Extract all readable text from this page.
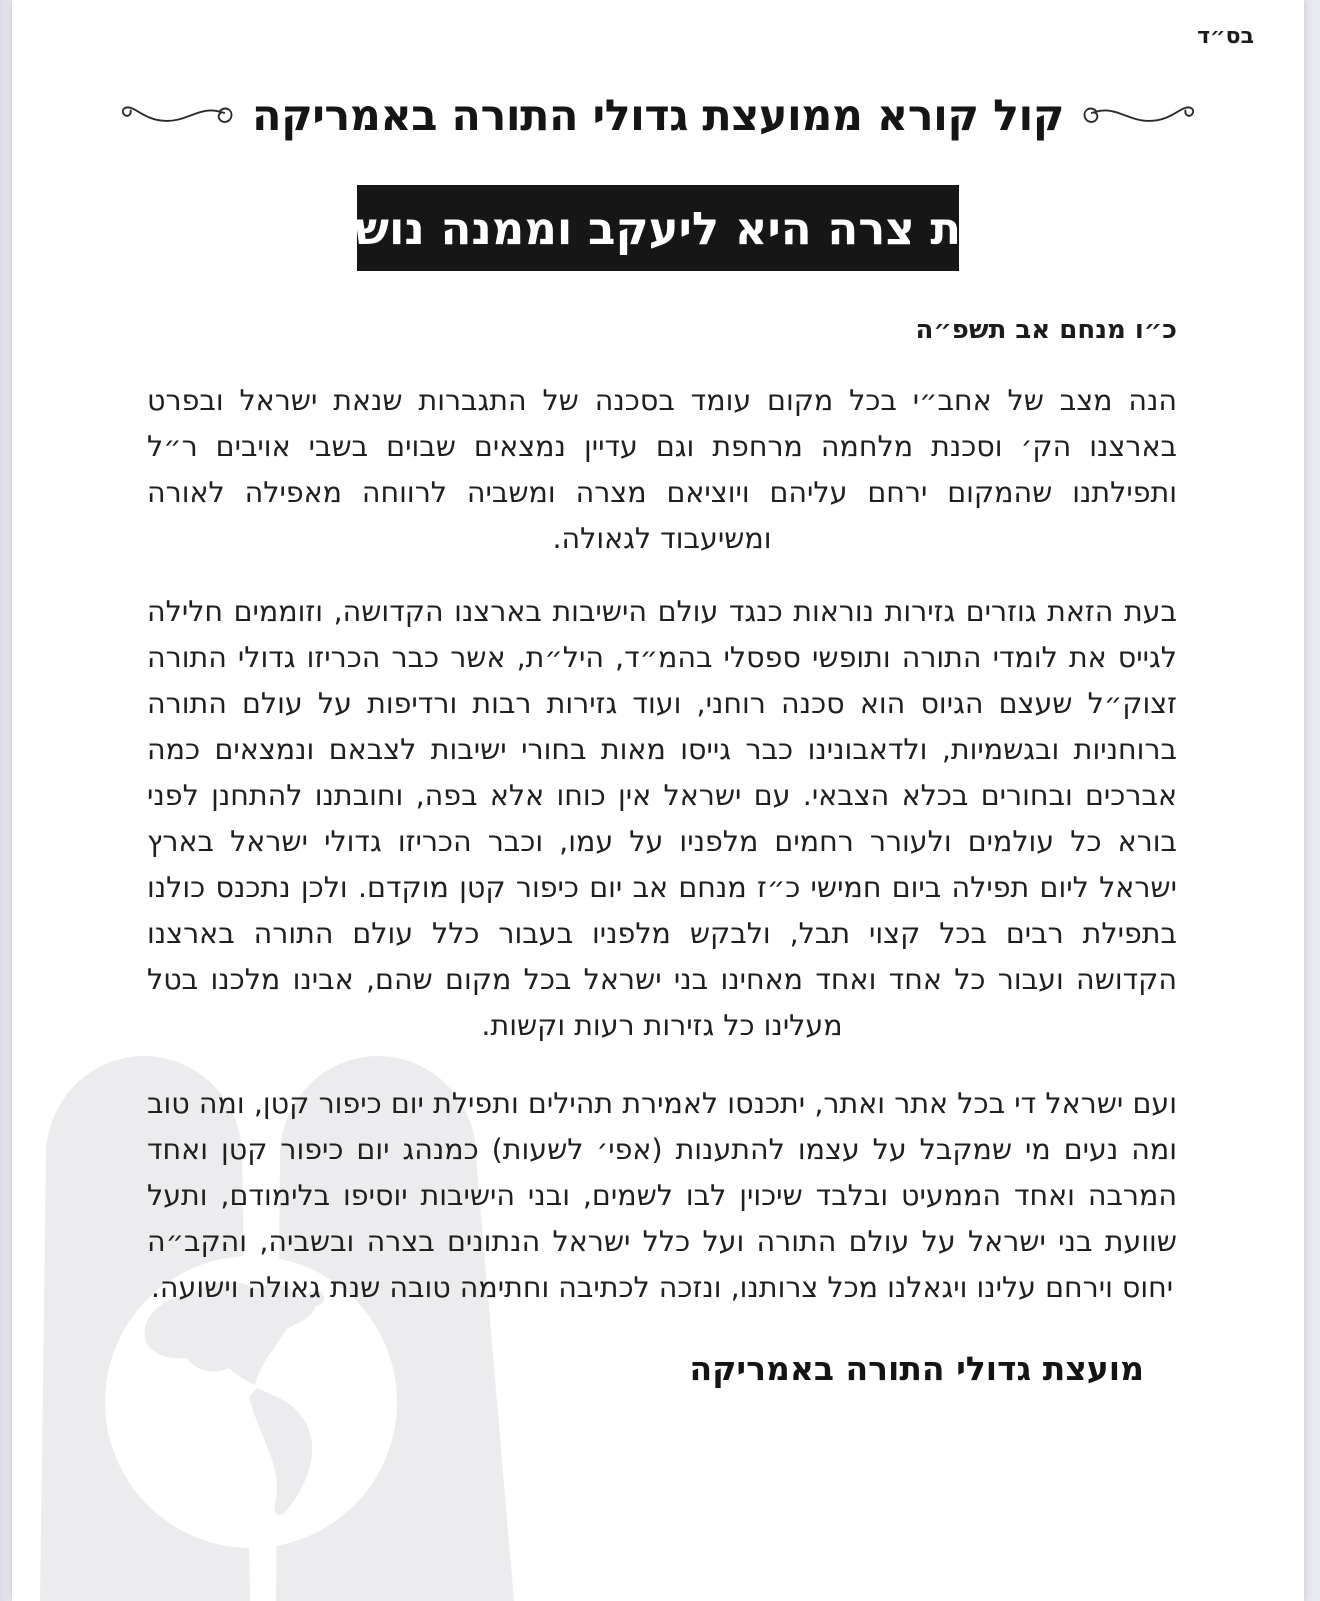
בס״ד
קול קורא ממועצת גדולי התורה באמריקה
עת צרה היא ליעקב וממנה נושע
כ״ו מנחם אב תשפ״ה

הנה מצב של אחב״י בכל מקום עומד בסכנה של התגברות שנאת ישראל ובפרט בארצנו הק׳ וסכנת מלחמה מרחפת וגם עדיין נמצאים שבוים בשבי אויבים ר״ל ותפילתנו שהמקום ירחם עליהם ויוציאם מצרה ומשביה לרווחה מאפילה לאורה ומשיעבוד לגאולה.

בעת הזאת גוזרים גזירות נוראות כנגד עולם הישיבות בארצנו הקדושה, וזוממים חלילה לגייס את לומדי התורה ותופשי ספסלי בהמ״ד, היל״ת, אשר כבר הכריזו גדולי התורה זצוק״ל שעצם הגיוס הוא סכנה רוחני, ועוד גזירות רבות ורדיפות על עולם התורה ברוחניות ובגשמיות, ולדאבונינו כבר גייסו מאות בחורי ישיבות לצבאם ונמצאים כמה אברכים ובחורים בכלא הצבאי. עם ישראל אין כוחו אלא בפה, וחובתנו להתחנן לפני בורא כל עולמים ולעורר רחמים מלפניו על עמו, וכבר הכריזו גדולי ישראל בארץ ישראל ליום תפילה ביום חמישי כ״ז מנחם אב יום כיפור קטן מוקדם. ולכן נתכנס כולנו בתפילת רבים בכל קצוי תבל, ולבקש מלפניו בעבור כלל עולם התורה בארצנו הקדושה ועבור כל אחד ואחד מאחינו בני ישראל בכל מקום שהם, אבינו מלכנו בטל מעלינו כל גזירות רעות וקשות.

ועם ישראל די בכל אתר ואתר, יתכנסו לאמירת תהילים ותפילת יום כיפור קטן, ומה טוב ומה נעים מי שמקבל על עצמו להתענות (אפי׳ לשעות) כמנהג יום כיפור קטן ואחד המרבה ואחד הממעיט ובלבד שיכוין לבו לשמים, ובני הישיבות יוסיפו בלימודם, ותעל שוועת בני ישראל על עולם התורה ועל כלל ישראל הנתונים בצרה ובשביה, והקב״ה יחוס וירחם עלינו ויגאלנו מכל צרותנו, ונזכה לכתיבה וחתימה טובה שנת גאולה וישועה.

מועצת גדולי התורה באמריקה
